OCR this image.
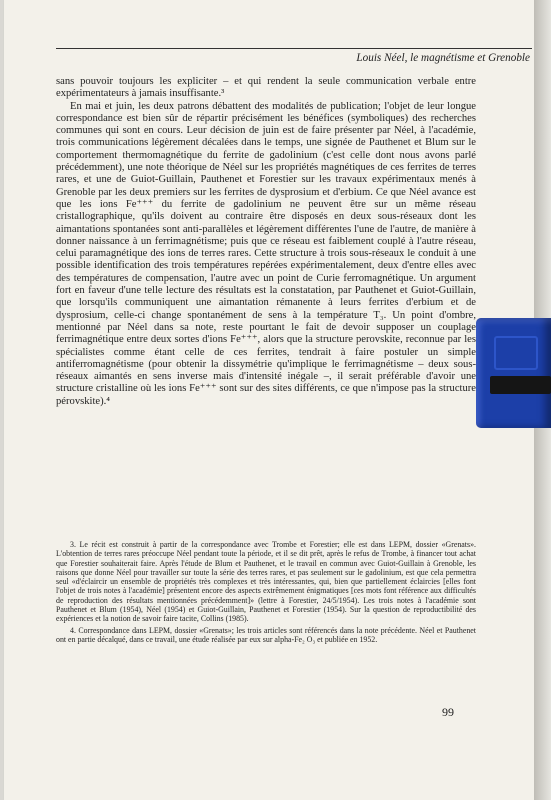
Louis Néel, le magnétisme et Grenoble

sans pouvoir toujours les expliciter – et qui rendent la seule communication verbale entre expérimentateurs à jamais insuffisante.³

En mai et juin, les deux patrons débattent des modalités de publication; l'objet de leur longue correspondance est bien sûr de répartir précisément les bénéfices (symboliques) des recherches communes qui sont en cours. Leur décision de juin est de faire présenter par Néel, à l'académie, trois communications légèrement décalées dans le temps, une signée de Pauthenet et Blum sur le comportement thermomagnétique du ferrite de gadolinium (c'est celle dont nous avons parlé précédemment), une note théorique de Néel sur les propriétés magnétiques de ces ferrites de terres rares, et une de Guiot-Guillain, Pauthenet et Forestier sur les travaux expérimentaux menés à Grenoble par les deux premiers sur les ferrites de dysprosium et d'erbium. Ce que Néel avance est que les ions Fe⁺⁺⁺ du ferrite de gadolinium ne peuvent être sur un même réseau cristallographique, qu'ils doivent au contraire être disposés en deux sous-réseaux dont les aimantations spontanées sont anti-parallèles et légèrement différentes l'une de l'autre, de manière à donner naissance à un ferrimagnétisme; puis que ce réseau est faiblement couplé à l'autre réseau, celui paramagnétique des ions de terres rares. Cette structure à trois sous-réseaux le conduit à une possible identification des trois températures repérées expérimentalement, deux d'entre elles avec des températures de compensation, l'autre avec un point de Curie ferromagnétique. Un argument fort en faveur d'une telle lecture des résultats est la constatation, par Pauthenet et Guiot-Guillain, que lorsqu'ils communiquent une aimantation rémanente à leurs ferrites d'erbium et de dysprosium, celle-ci change spontanément de sens à la température T₃. Un point d'ombre, mentionné par Néel dans sa note, reste pourtant le fait de devoir supposer un couplage ferrimagnétique entre deux sortes d'ions Fe⁺⁺⁺, alors que la structure perovskite, reconnue par les spécialistes comme étant celle de ces ferrites, tendrait à faire postuler un simple antiferromagnétisme (pour obtenir la dissymétrie qu'implique le ferrimagnétisme – deux sous-réseaux aimantés en sens inverse mais d'intensité inégale –, il serait préférable d'avoir une structure cristalline où les ions Fe⁺⁺⁺ sont sur des sites différents, ce que n'impose pas la structure pérovskite).⁴

3. Le récit est construit à partir de la correspondance avec Trombe et Forestier; elle est dans LEPM, dossier «Grenats». L'obtention de terres rares préoccupe Néel pendant toute la période, et il se dit prêt, après le refus de Trombe, à financer tout achat que Forestier souhaiterait faire. Après l'étude de Blum et Pauthenet, et le travail en commun avec Guiot-Guillain à Grenoble, les raisons que donne Néel pour travailler sur toute la série des terres rares, et pas seulement sur le gadolinium, est que cela permettra seul «d'éclaircir un ensemble de propriétés très complexes et très intéressantes, qui, bien que partiellement éclaircies [elles font l'objet de trois notes à l'académie] présentent encore des aspects extrêmement énigmatiques [ces mots font référence aux difficultés de reproduction des résultats mentionnées précédemment]» (lettre à Forestier, 24/5/1954). Les trois notes à l'académie sont Pauthenet et Blum (1954), Néel (1954) et Guiot-Guillain, Pauthenet et Forestier (1954). Sur la question de reproductibilité des expériences et la notion de savoir faire tacite, Collins (1985).

4. Correspondance dans LEPM, dossier «Grenats»; les trois articles sont référencés dans la note précédente. Néel et Pauthenet ont en partie décalqué, dans ce travail, une étude réalisée par eux sur alpha-Fe₂ O₃ et publiée en 1952.

99
